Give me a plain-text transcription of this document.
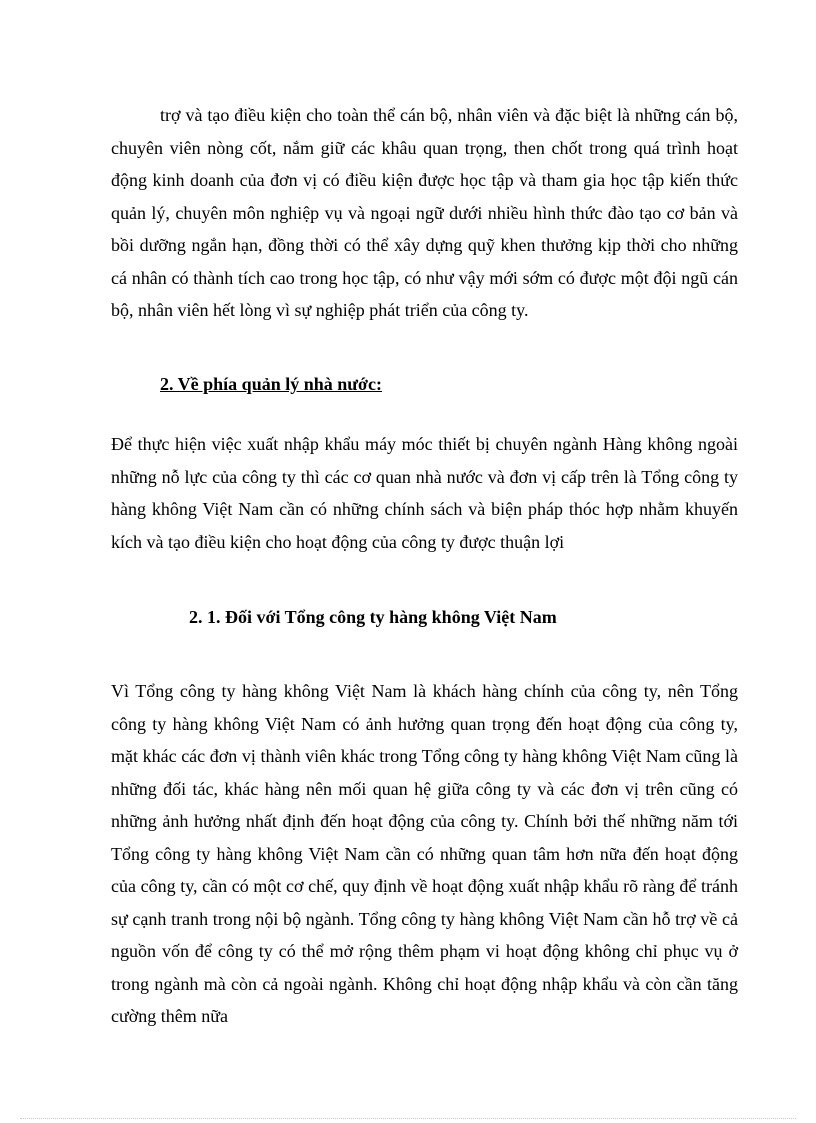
trợ và tạo điều kiện cho toàn thể cán bộ, nhân viên và đặc biệt là những cán bộ, chuyên viên nòng cốt, nắm giữ các khâu quan trọng, then chốt trong quá trình hoạt động kinh doanh của đơn vị có điều kiện được học tập và tham gia học tập kiến thức quản lý, chuyên môn nghiệp vụ và ngoại ngữ dưới nhiều hình thức đào tạo cơ bản và bồi dưỡng ngắn hạn, đồng thời có thể xây dựng quỹ khen thưởng kịp thời cho những cá nhân có thành tích cao trong học tập, có như vậy mới sớm có được một đội ngũ cán bộ, nhân viên hết lòng vì sự nghiệp phát triển của công ty.

2. Về phía quản lý nhà nước:

Để thực hiện việc xuất nhập khẩu máy móc thiết bị chuyên ngành Hàng không ngoài những nỗ lực của công ty thì các cơ quan nhà nước và đơn vị cấp trên là Tổng công ty hàng không Việt Nam cần có những chính sách và biện pháp thóc hợp nhằm khuyến kích và tạo điều kiện cho hoạt động của công ty được thuận lợi

2. 1. Đối với Tổng công ty hàng không Việt Nam

Vì Tổng công ty hàng không Việt Nam là khách hàng chính của công ty, nên Tổng công ty hàng không Việt Nam có ảnh hưởng quan trọng đến hoạt động của công ty, mặt khác các đơn vị thành viên khác trong Tổng công ty hàng không Việt Nam cũng là những đối tác, khác hàng nên mối quan hệ giữa công ty và các đơn vị trên cũng có những ảnh hưởng nhất định đến hoạt động của công ty. Chính bởi thế những năm tới Tổng công ty hàng không Việt Nam cần có những quan tâm hơn nữa đến hoạt động của công ty, cần có một cơ chế, quy định về hoạt động xuất nhập khẩu rõ ràng để tránh sự cạnh tranh trong nội bộ ngành. Tổng công ty hàng không Việt Nam cần hỗ trợ về cả nguồn vốn để công ty có thể mở rộng thêm phạm vi hoạt động không chỉ phục vụ ở trong ngành mà còn cả ngoài ngành. Không chỉ hoạt động nhập khẩu và còn cần tăng cường thêm nữa
